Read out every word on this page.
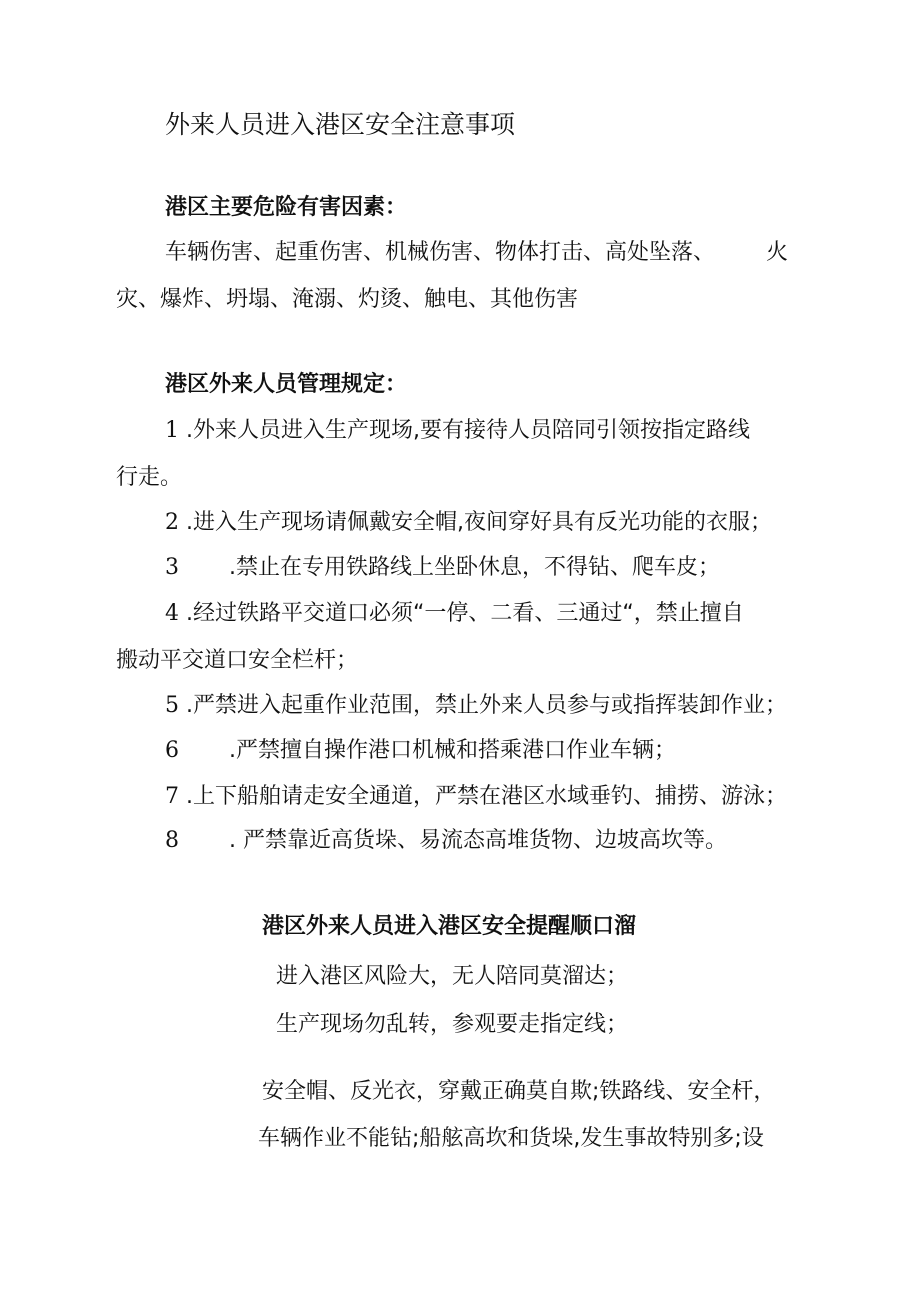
外来人员进入港区安全注意事项
港区主要危险有害因素：
车辆伤害、起重伤害、机械伤害、物体打击、高处坠落、 火
灾、爆炸、坍塌、淹溺、灼烫、触电、其他伤害
港区外来人员管理规定：
1 .外来人员进入生产现场,要有接待人员陪同引领按指定路线
行走。
2 .进入生产现场请佩戴安全帽,夜间穿好具有反光功能的衣服；
3 .禁止在专用铁路线上坐卧休息，不得钻、爬车皮；
4 .经过铁路平交道口必须“一停、二看、三通过“，禁止擅自
搬动平交道口安全栏杆；
5 .严禁进入起重作业范围，禁止外来人员参与或指挥装卸作业；
6 .严禁擅自操作港口机械和搭乘港口作业车辆；
7 .上下船舶请走安全通道，严禁在港区水域垂钓、捕捞、游泳；
8 . 严禁靠近高货垛、易流态高堆货物、边坡高坎等。
港区外来人员进入港区安全提醒顺口溜
进入港区风险大，无人陪同莫溜达；
生产现场勿乱转，参观要走指定线；
安全帽、反光衣，穿戴正确莫自欺;铁路线、安全杆，
车辆作业不能钻;船舷高坎和货垛,发生事故特别多;设
